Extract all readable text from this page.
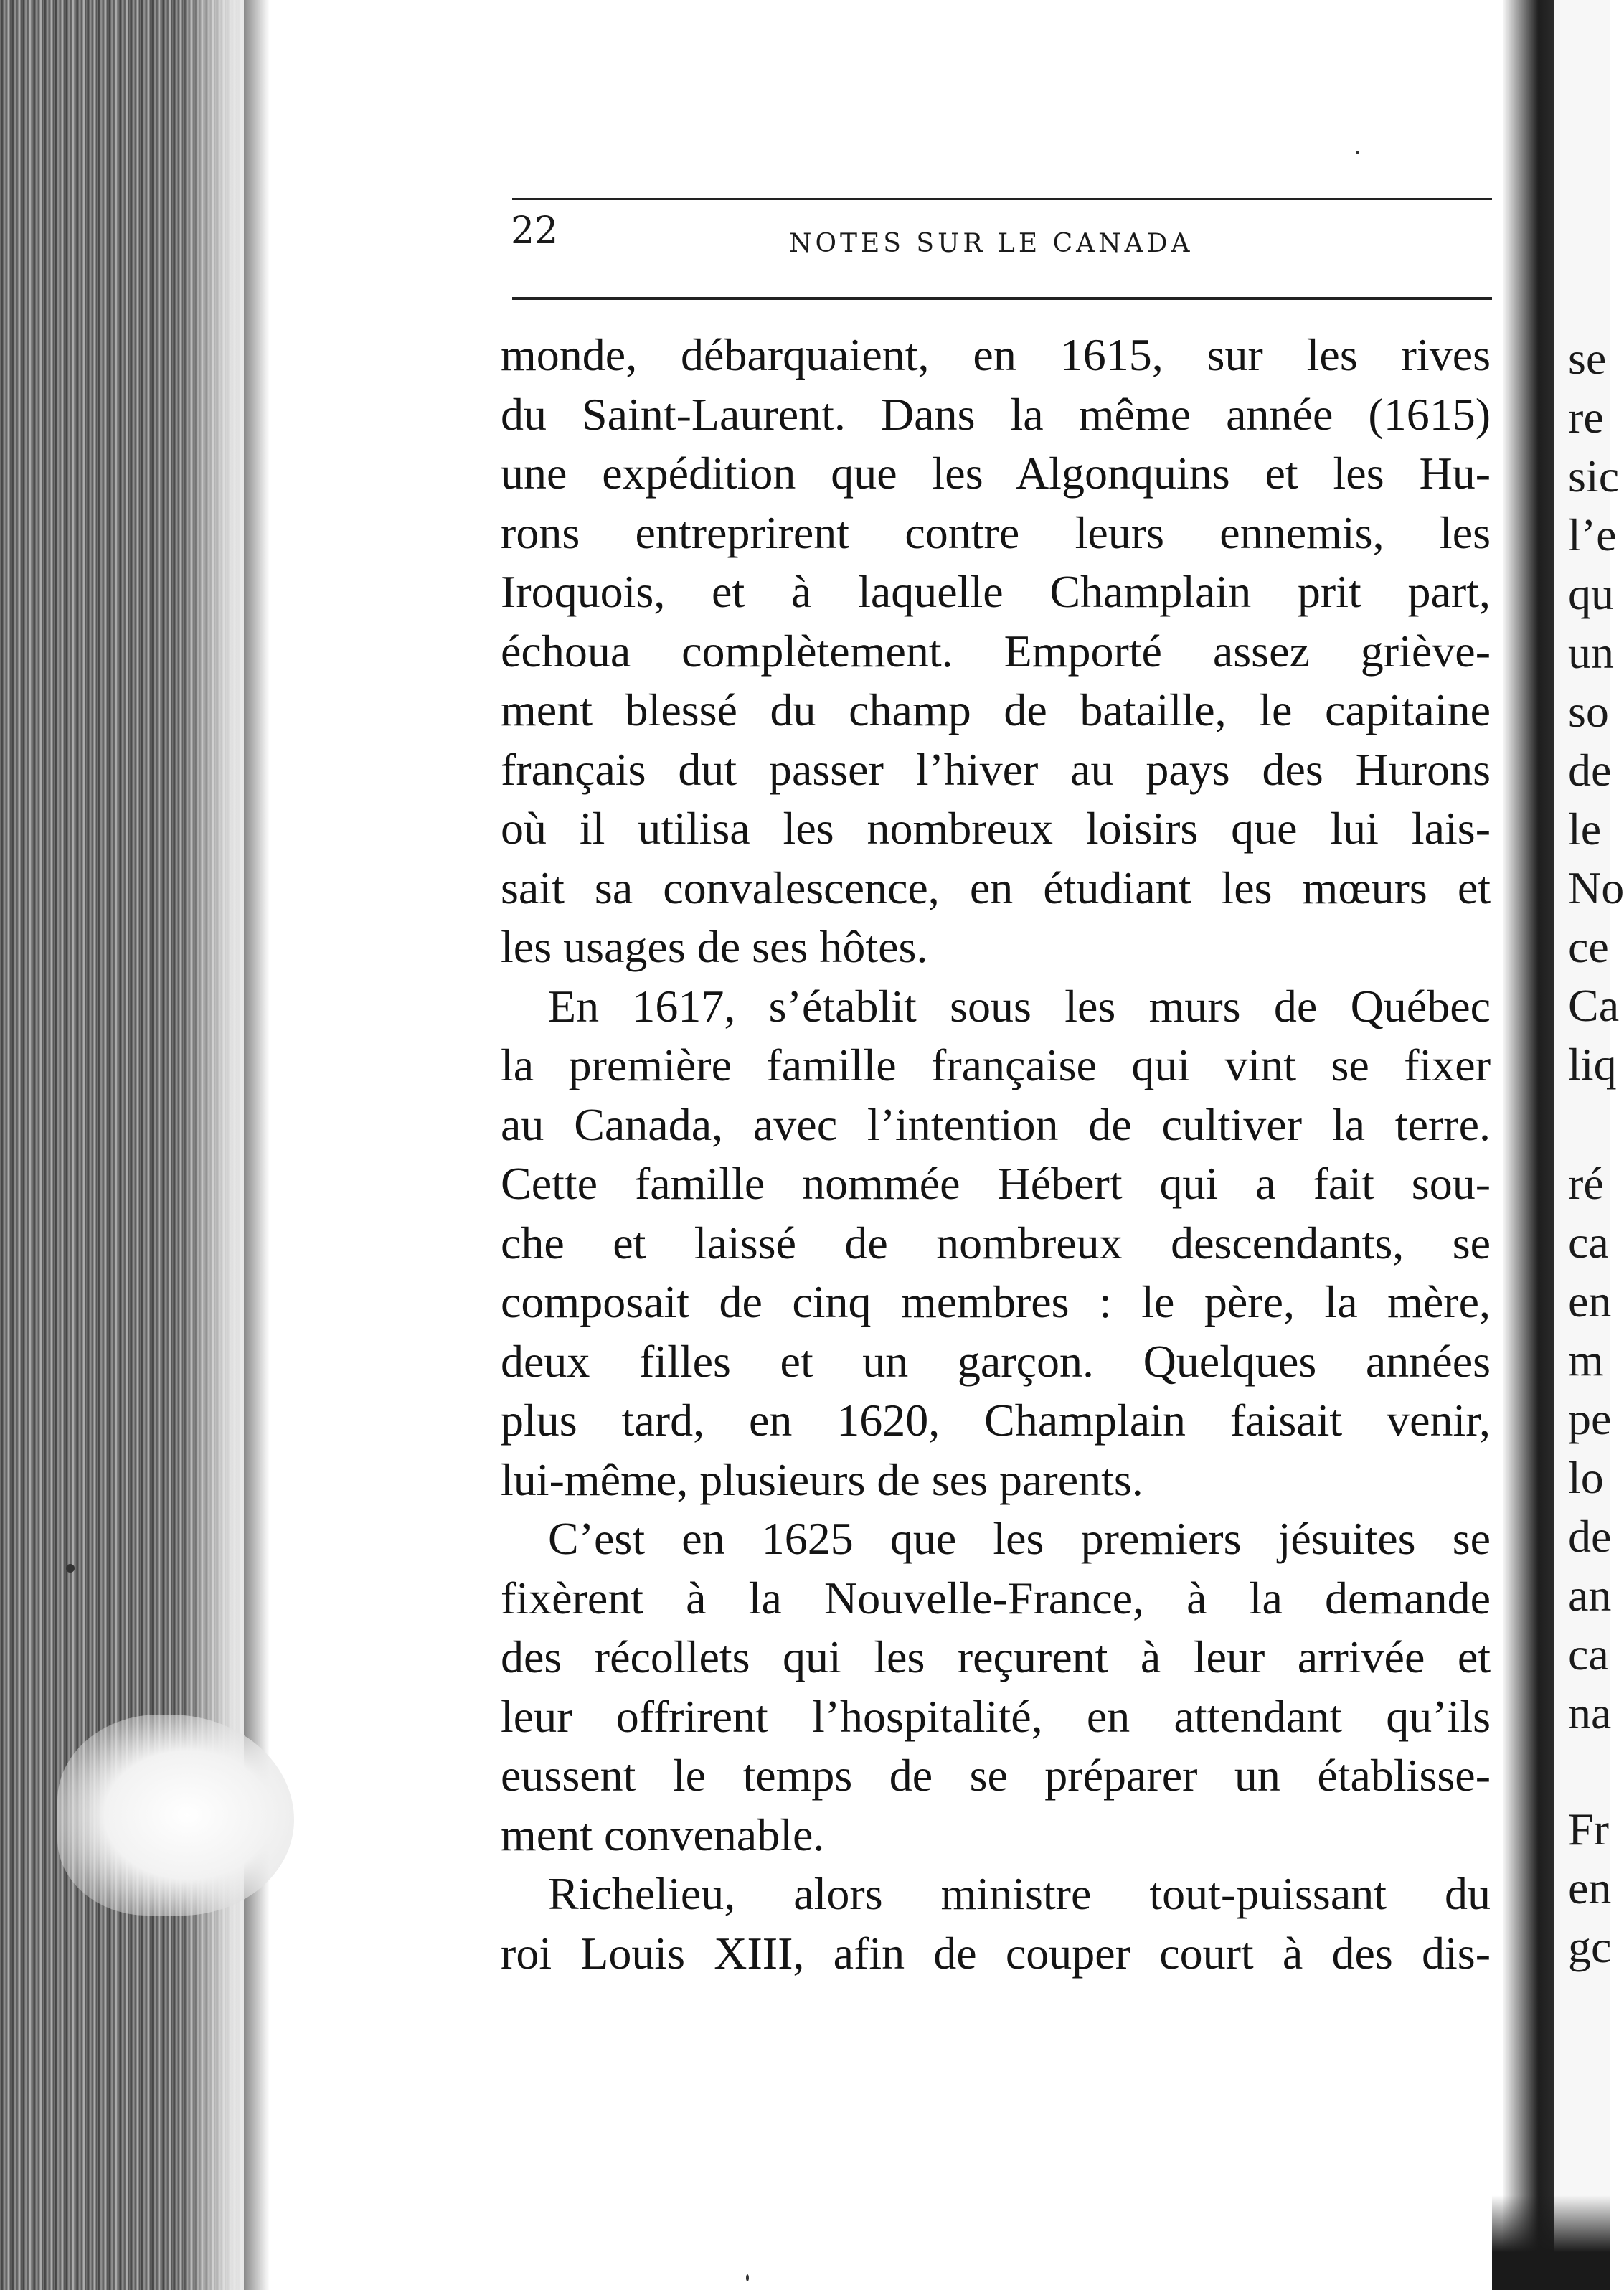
se
re
sic
l’e
qu
un
so
de
le
No
ce
Ca
liq
ré
ca
en
m
pe
lo
de
an
ca
na
Fr
en
gc
22	NOTES SUR LE CANADA
monde, débarquaient, en 1615, sur les rives
du Saint-Laurent. Dans la même année (1615)
une expédition que les Algonquins et les Hu-
rons entreprirent contre leurs ennemis, les
Iroquois, et à laquelle Champlain prit part,
échoua complètement. Emporté assez griève-
ment blessé du champ de bataille, le capitaine
français dut passer l’hiver au pays des Hurons
où il utilisa les nombreux loisirs que lui lais-
sait sa convalescence, en étudiant les mœurs et
les usages de ses hôtes.
En 1617, s’établit sous les murs de Québec
la première famille française qui vint se fixer
au Canada, avec l’intention de cultiver la terre.
Cette famille nommée Hébert qui a fait sou-
che et laissé de nombreux descendants, se
composait de cinq membres : le père, la mère,
deux filles et un garçon. Quelques années
plus tard, en 1620, Champlain faisait venir,
lui-même, plusieurs de ses parents.
C’est en 1625 que les premiers jésuites se
fixèrent à la Nouvelle-France, à la demande
des récollets qui les reçurent à leur arrivée et
leur offrirent l’hospitalité, en attendant qu’ils
eussent le temps de se préparer un établisse-
ment convenable.
Richelieu, alors ministre tout-puissant du
roi Louis XIII, afin de couper court à des dis-
